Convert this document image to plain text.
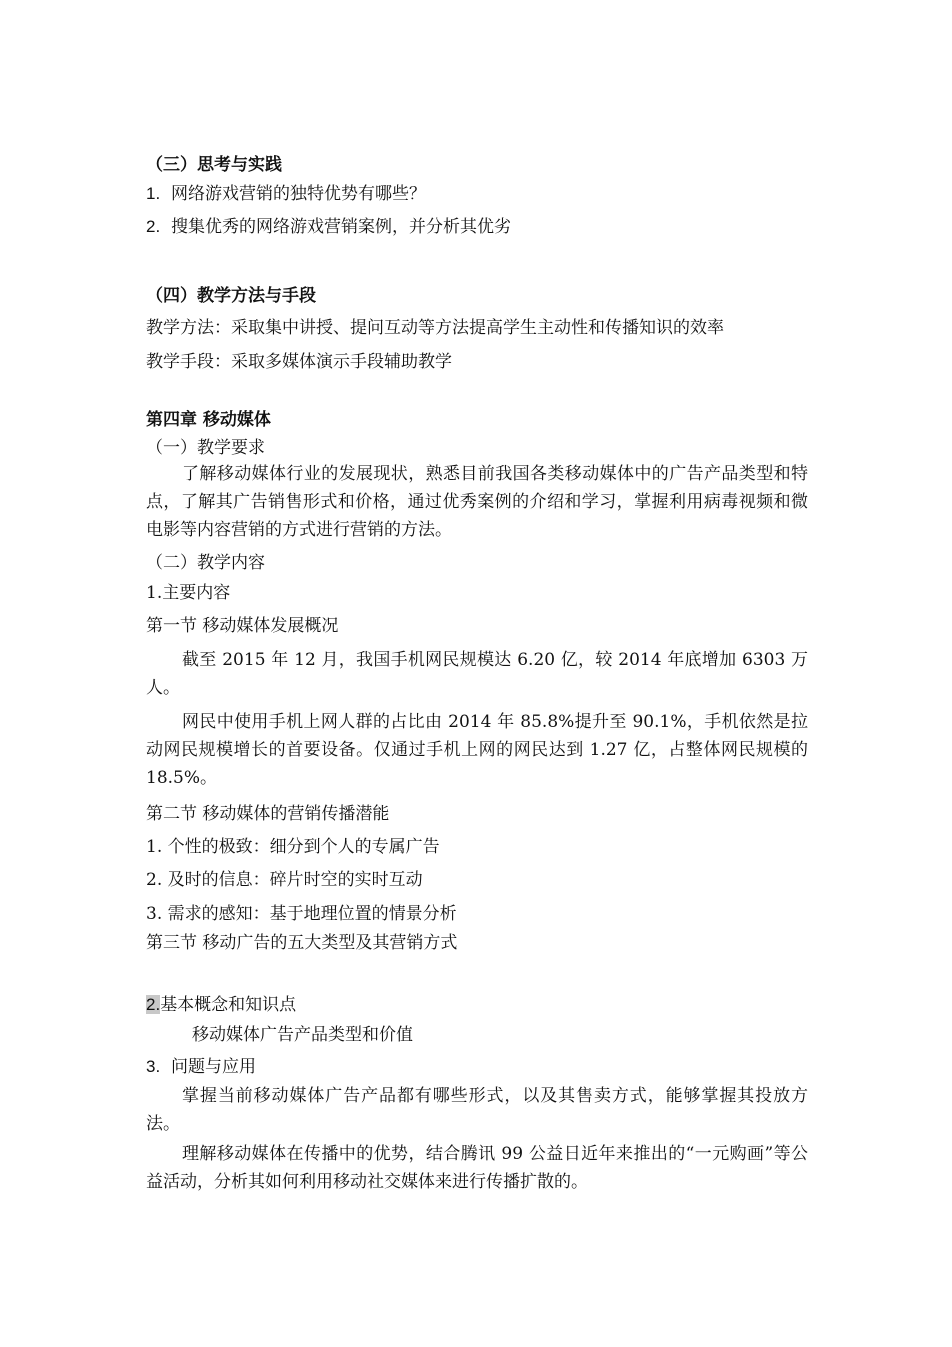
（三）思考与实践
1. 网络游戏营销的独特优势有哪些？
2. 搜集优秀的网络游戏营销案例，并分析其优劣
（四）教学方法与手段
教学方法：采取集中讲授、提问互动等方法提高学生主动性和传播知识的效率
教学手段：采取多媒体演示手段辅助教学
第四章 移动媒体
（一）教学要求

了解移动媒体行业的发展现状，熟悉目前我国各类移动媒体中的广告产品类型和特点，了解其广告销售形式和价格，通过优秀案例的介绍和学习，掌握利用病毒视频和微电影等内容营销的方式进行营销的方法。

（二）教学内容
1.主要内容
第一节 移动媒体发展概况

截至 2015 年 12 月，我国手机网民规模达 6.20 亿，较 2014 年底增加 6303 万人。

网民中使用手机上网人群的占比由 2014 年 85.8%提升至 90.1%，手机依然是拉动网民规模增长的首要设备。仅通过手机上网的网民达到 1.27 亿，占整体网民规模的 18.5%。

第二节 移动媒体的营销传播潜能
1. 个性的极致：细分到个人的专属广告
2. 及时的信息：碎片时空的实时互动
3. 需求的感知：基于地理位置的情景分析
第三节 移动广告的五大类型及其营销方式
2.基本概念和知识点
移动媒体广告产品类型和价值
3. 问题与应用

掌握当前移动媒体广告产品都有哪些形式，以及其售卖方式，能够掌握其投放方法。

理解移动媒体在传播中的优势，结合腾讯 99 公益日近年来推出的“一元购画”等公益活动，分析其如何利用移动社交媒体来进行传播扩散的。
